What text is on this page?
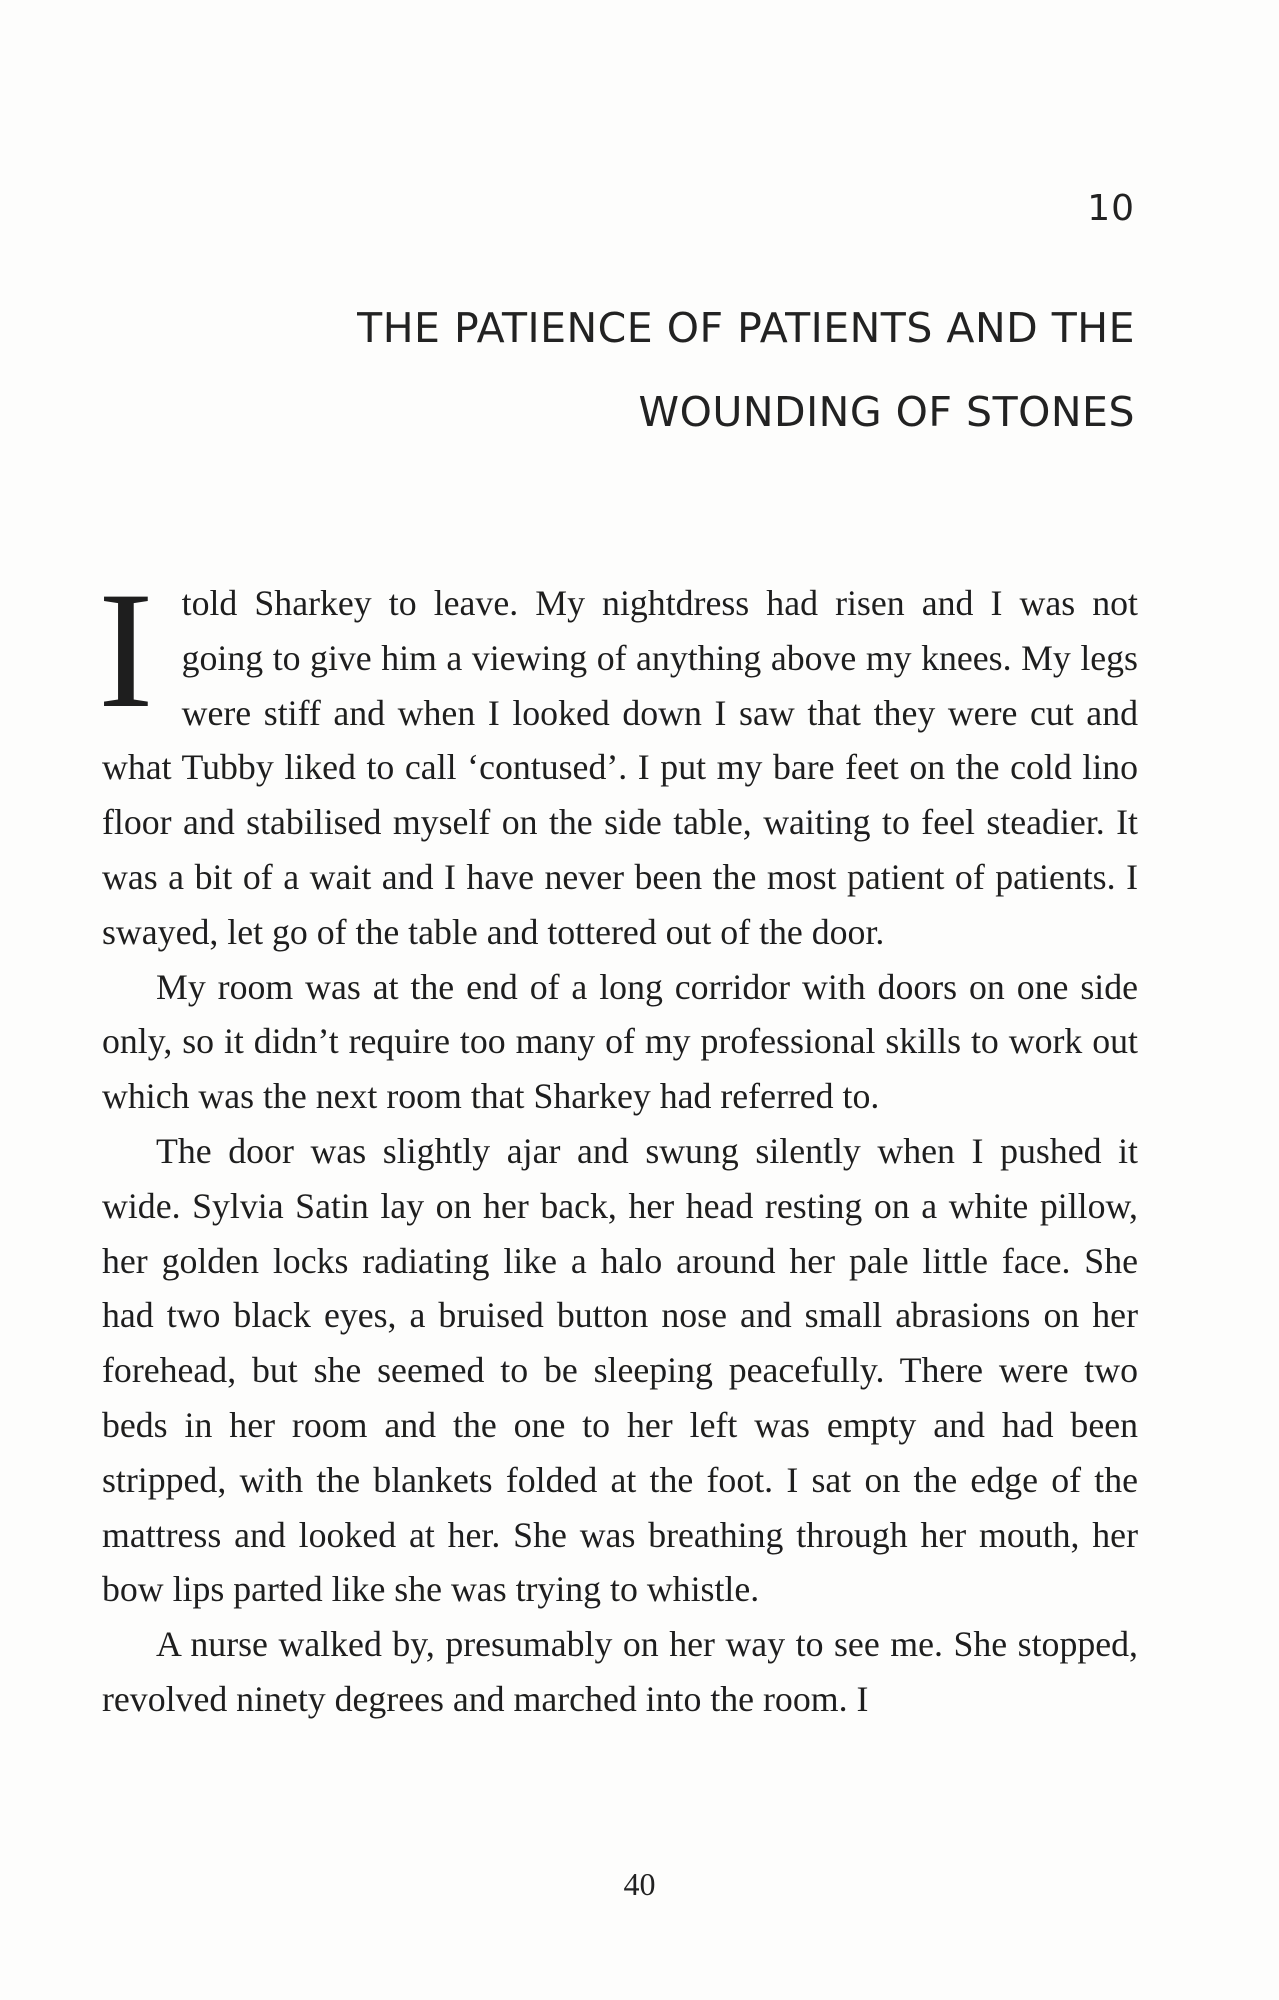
10
THE PATIENCE OF PATIENTS AND THE
WOUNDING OF STONES

I told Sharkey to leave. My nightdress had risen and I was not going to give him a viewing of anything above my knees. My legs were stiff and when I looked down I saw that they were cut and what Tubby liked to call ‘contused’. I put my bare feet on the cold lino floor and stabilised myself on the side table, waiting to feel steadier. It was a bit of a wait and I have never been the most patient of patients. I swayed, let go of the table and tottered out of the door.

My room was at the end of a long corridor with doors on one side only, so it didn’t require too many of my professional skills to work out which was the next room that Sharkey had referred to.

The door was slightly ajar and swung silently when I pushed it wide. Sylvia Satin lay on her back, her head resting on a white pillow, her golden locks radiating like a halo around her pale little face. She had two black eyes, a bruised button nose and small abrasions on her forehead, but she seemed to be sleeping peacefully. There were two beds in her room and the one to her left was empty and had been stripped, with the blankets folded at the foot. I sat on the edge of the mattress and looked at her. She was breathing through her mouth, her bow lips parted like she was trying to whistle.

A nurse walked by, presumably on her way to see me. She stopped, revolved ninety degrees and marched into the room. I

40
